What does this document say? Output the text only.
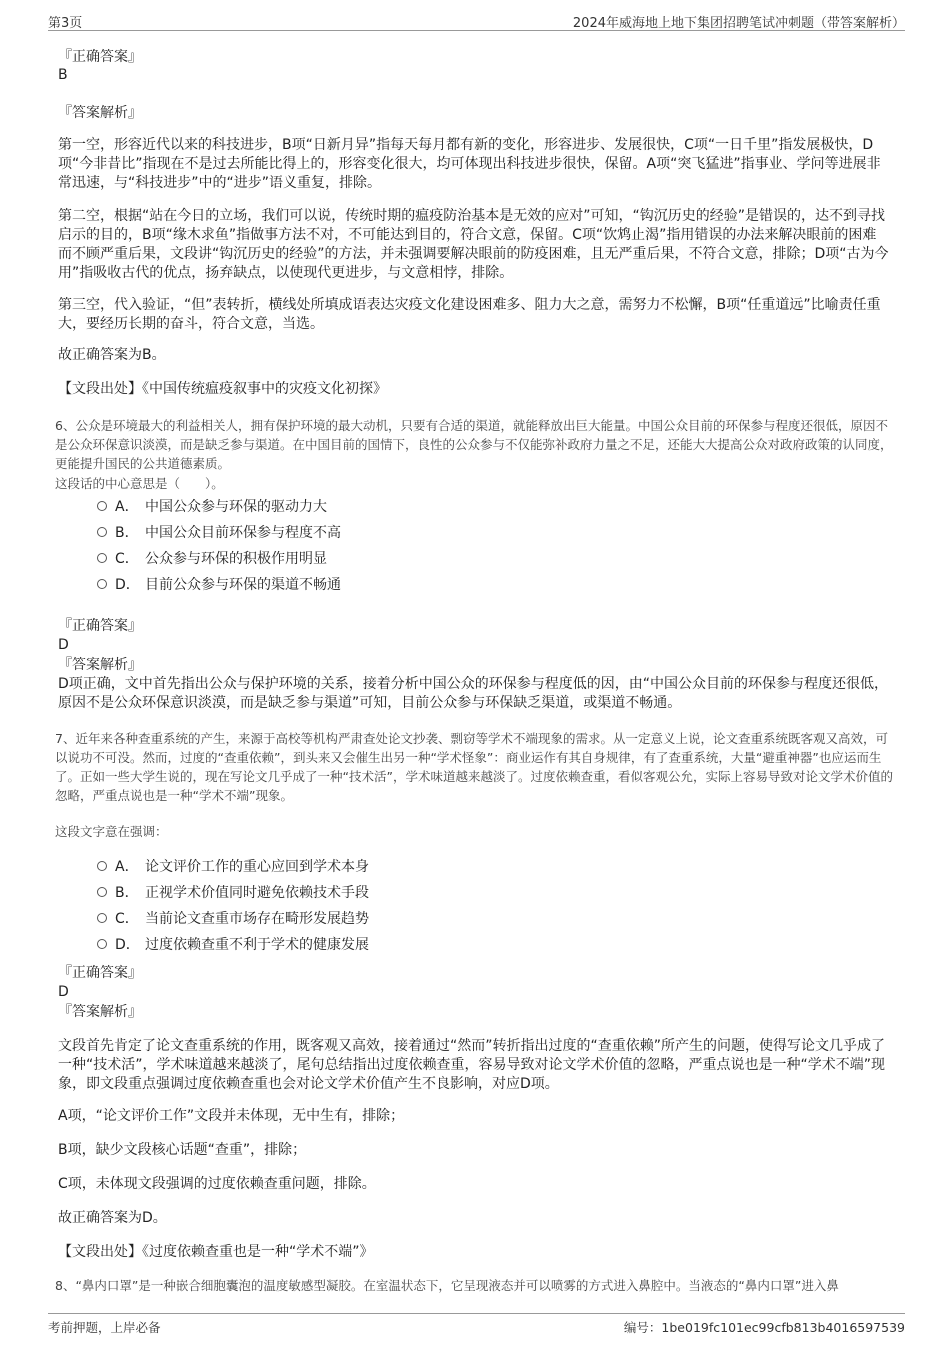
第3页	2024年威海地上地下集团招聘笔试冲刺题（带答案解析）

『正确答案』

B

『答案解析』

第一空，形容近代以来的科技进步，B项“日新月异”指每天每月都有新的变化，形容进步、发展很快，C项“一日千里”指发展极快，D项“今非昔比”指现在不是过去所能比得上的，形容变化很大，均可体现出科技进步很快，保留。A项“突飞猛进”指事业、学问等进展非常迅速，与“科技进步”中的“进步”语义重复，排除。

第二空，根据“站在今日的立场，我们可以说，传统时期的瘟疫防治基本是无效的应对”可知，“钩沉历史的经验”是错误的，达不到寻找启示的目的，B项“缘木求鱼”指做事方法不对，不可能达到目的，符合文意，保留。C项“饮鸩止渴”指用错误的办法来解决眼前的困难而不顾严重后果，文段讲“钩沉历史的经验”的方法，并未强调要解决眼前的防疫困难，且无严重后果，不符合文意，排除；D项“古为今用”指吸收古代的优点，扬弃缺点，以使现代更进步，与文意相悖，排除。

第三空，代入验证，“但”表转折，横线处所填成语表达灾疫文化建设困难多、阻力大之意，需努力不松懈，B项“任重道远”比喻责任重大，要经历长期的奋斗，符合文意，当选。

故正确答案为B。

【文段出处】《中国传统瘟疫叙事中的灾疫文化初探》

6、公众是环境最大的利益相关人，拥有保护环境的最大动机，只要有合适的渠道，就能释放出巨大能量。中国公众目前的环保参与程度还很低，原因不是公众环保意识淡漠，而是缺乏参与渠道。在中国目前的国情下，良性的公众参与不仅能弥补政府力量之不足，还能大大提高公众对政府政策的认同度，更能提升国民的公共道德素质。

这段话的中心意思是（　　）。

A． 中国公众参与环保的驱动力大
B． 中国公众目前环保参与程度不高
C． 公众参与环保的积极作用明显
D． 目前公众参与环保的渠道不畅通

『正确答案』

D

『答案解析』

D项正确，文中首先指出公众与保护环境的关系，接着分析中国公众的环保参与程度低的因，由“中国公众目前的环保参与程度还很低，原因不是公众环保意识淡漠，而是缺乏参与渠道”可知，目前公众参与环保缺乏渠道，或渠道不畅通。

7、近年来各种查重系统的产生，来源于高校等机构严肃查处论文抄袭、剽窃等学术不端现象的需求。从一定意义上说，论文查重系统既客观又高效，可以说功不可没。然而，过度的“查重依赖”，到头来又会催生出另一种“学术怪象”：商业运作有其自身规律，有了查重系统，大量“避重神器”也应运而生了。正如一些大学生说的，现在写论文几乎成了一种“技术活”，学术味道越来越淡了。过度依赖查重，看似客观公允，实际上容易导致对论文学术价值的忽略，严重点说也是一种“学术不端”现象。

这段文字意在强调：

A． 论文评价工作的重心应回到学术本身
B． 正视学术价值同时避免依赖技术手段
C． 当前论文查重市场存在畸形发展趋势
D． 过度依赖查重不利于学术的健康发展

『正确答案』

D

『答案解析』

文段首先肯定了论文查重系统的作用，既客观又高效，接着通过“然而”转折指出过度的“查重依赖”所产生的问题，使得写论文几乎成了一种“技术活”，学术味道越来越淡了，尾句总结指出过度依赖查重，容易导致对论文学术价值的忽略，严重点说也是一种“学术不端”现象，即文段重点强调过度依赖查重也会对论文学术价值产生不良影响，对应D项。

A项，“论文评价工作”文段并未体现，无中生有，排除；

B项，缺少文段核心话题“查重”，排除；

C项，未体现文段强调的过度依赖查重问题，排除。

故正确答案为D。

【文段出处】《过度依赖查重也是一种“学术不端”》

8、“鼻内口罩”是一种嵌合细胞囊泡的温度敏感型凝胶。在室温状态下，它呈现液态并可以喷雾的方式进入鼻腔中。当液态的“鼻内口罩”进入鼻

考前押题，上岸必备	编号：1be019fc101ec99cfb813b4016597539
